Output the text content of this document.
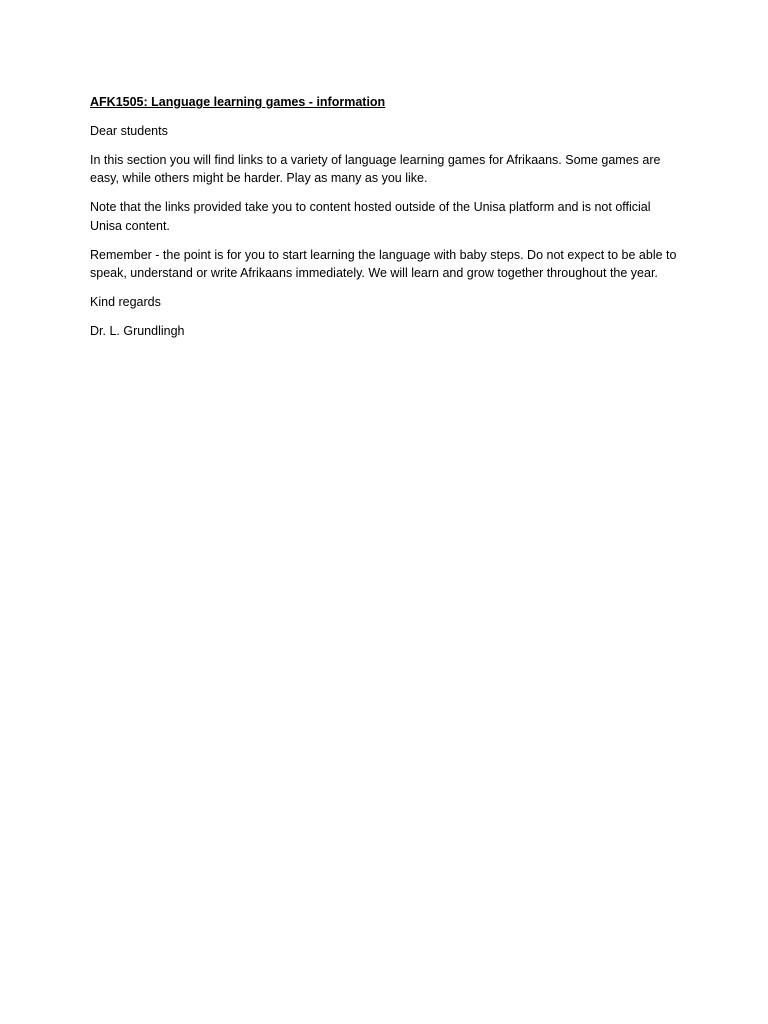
AFK1505: Language learning games - information

Dear students

In this section you will find links to a variety of language learning games for Afrikaans. Some games are easy, while others might be harder. Play as many as you like.

Note that the links provided take you to content hosted outside of the Unisa platform and is not official Unisa content.

Remember - the point is for you to start learning the language with baby steps. Do not expect to be able to speak, understand or write Afrikaans immediately. We will learn and grow together throughout the year.

Kind regards

Dr. L. Grundlingh
